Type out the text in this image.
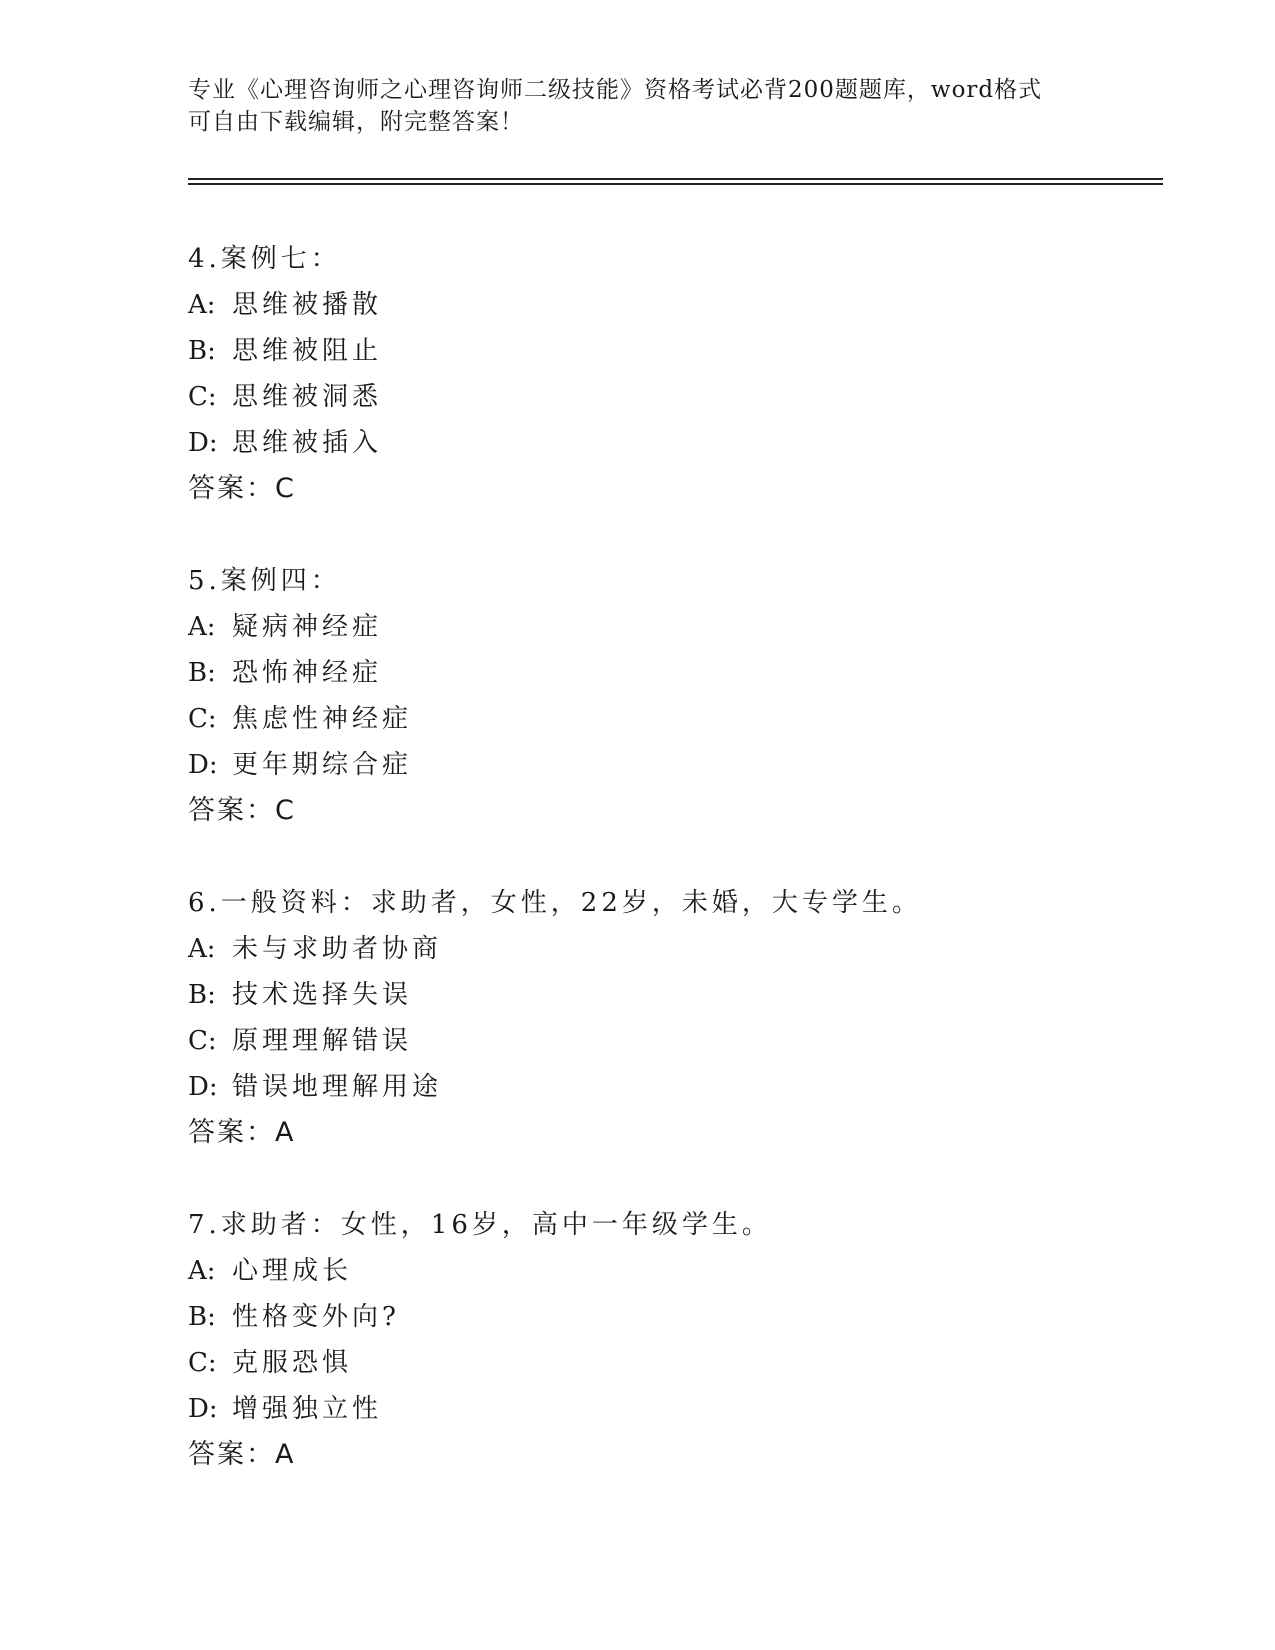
专业《心理咨询师之心理咨询师二级技能》资格考试必背200题题库，word格式
可自由下载编辑，附完整答案！
4.案例七：
A: 思维被播散
B: 思维被阻止
C: 思维被洞悉
D: 思维被插入
答案：C
5.案例四：
A: 疑病神经症
B: 恐怖神经症
C: 焦虑性神经症
D: 更年期综合症
答案：C
6.一般资料：求助者，女性，22岁，未婚，大专学生。
A: 未与求助者协商
B: 技术选择失误
C: 原理理解错误
D: 错误地理解用途
答案：A
7.求助者：女性，16岁，高中一年级学生。
A: 心理成长
B: 性格变外向?
C: 克服恐惧
D: 增强独立性
答案：A
